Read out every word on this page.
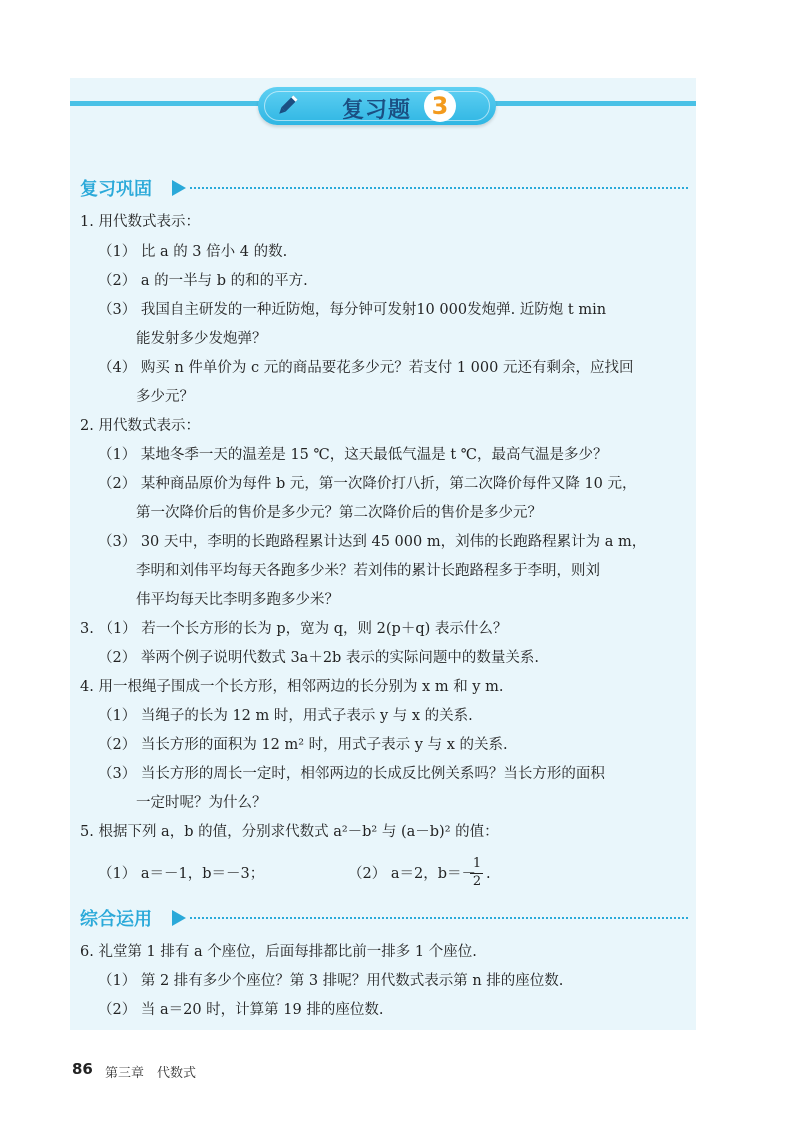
复习题 3
复习巩固
1. 用代数式表示：
（1） 比 a 的 3 倍小 4 的数.
（2） a 的一半与 b 的和的平方.
（3） 我国自主研发的一种近防炮，每分钟可发射10 000发炮弹. 近防炮 t min
能发射多少发炮弹？
（4） 购买 n 件单价为 c 元的商品要花多少元？若支付 1 000 元还有剩余，应找回
多少元？
2. 用代数式表示：
（1） 某地冬季一天的温差是 15 ℃，这天最低气温是 t ℃，最高气温是多少？
（2） 某种商品原价为每件 b 元，第一次降价打八折，第二次降价每件又降 10 元，
第一次降价后的售价是多少元？第二次降价后的售价是多少元？
（3） 30 天中，李明的长跑路程累计达到 45 000 m，刘伟的长跑路程累计为 a m，
李明和刘伟平均每天各跑多少米？若刘伟的累计长跑路程多于李明，则刘
伟平均每天比李明多跑多少米？
3. （1） 若一个长方形的长为 p，宽为 q，则 2(p＋q) 表示什么？
（2） 举两个例子说明代数式 3a＋2b 表示的实际问题中的数量关系.
4. 用一根绳子围成一个长方形，相邻两边的长分别为 x m 和 y m.
（1） 当绳子的长为 12 m 时，用式子表示 y 与 x 的关系.
（2） 当长方形的面积为 12 m² 时，用式子表示 y 与 x 的关系.
（3） 当长方形的周长一定时，相邻两边的长成反比例关系吗？当长方形的面积
一定时呢？为什么？
5. 根据下列 a，b 的值，分别求代数式 a²－b² 与 (a－b)² 的值：
（1） a＝－1，b＝－3；	（2） a＝2，b＝－
1
2 .
综合运用
6. 礼堂第 1 排有 a 个座位，后面每排都比前一排多 1 个座位.
（1） 第 2 排有多少个座位？第 3 排呢？用代数式表示第 n 排的座位数.
（2） 当 a＝20 时，计算第 19 排的座位数.
86 第三章　代数式
